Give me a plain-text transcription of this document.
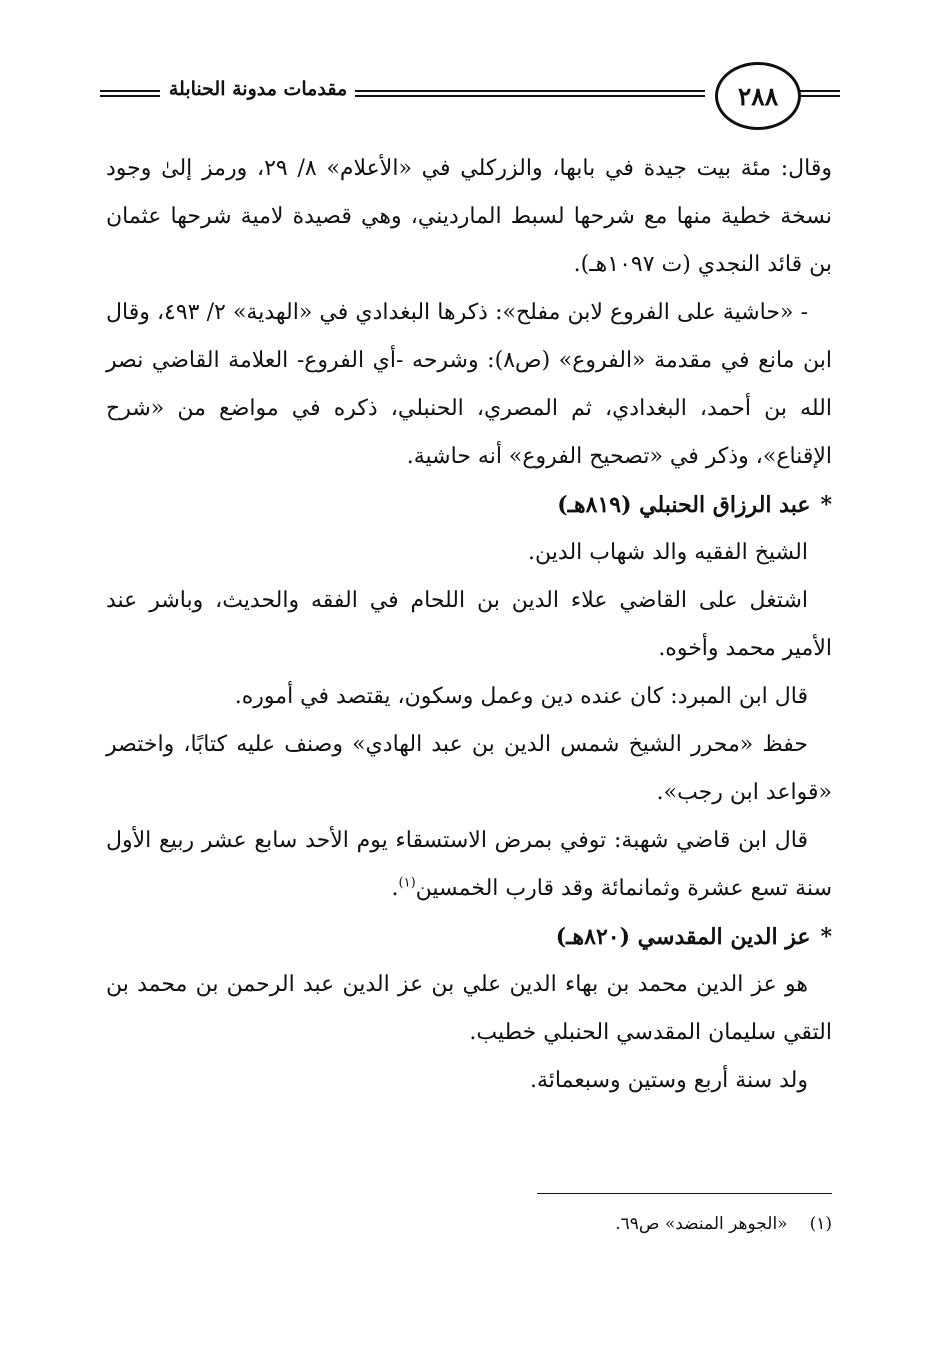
مقدمات مدونة الحنابلة	٢٨٨

وقال: مئة بيت جيدة في بابها، والزركلي في «الأعلام» ٨/ ٢٩، ورمز إلىٰ وجود نسخة خطية منها مع شرحها لسبط المارديني، وهي قصيدة لامية شرحها عثمان بن قائد النجدي (ت ١٠٩٧هـ).

- «حاشية على الفروع لابن مفلح»: ذكرها البغدادي في «الهدية» ٢/ ٤٩٣، وقال ابن مانع في مقدمة «الفروع» (ص٨): وشرحه -أي الفروع- العلامة القاضي نصر الله بن أحمد، البغدادي، ثم المصري، الحنبلي، ذكره في مواضع من «شرح الإقناع»، وذكر في «تصحيح الفروع» أنه حاشية.

*عبد الرزاق الحنبلي (٨١٩هـ)

الشيخ الفقيه والد شهاب الدين.

اشتغل على القاضي علاء الدين بن اللحام في الفقه والحديث، وباشر عند الأمير محمد وأخوه.

قال ابن المبرد: كان عنده دين وعمل وسكون، يقتصد في أموره.

حفظ «محرر الشيخ شمس الدين بن عبد الهادي» وصنف عليه كتابًا، واختصر «قواعد ابن رجب».

قال ابن قاضي شهبة: توفي بمرض الاستسقاء يوم الأحد سابع عشر ربيع الأول سنة تسع عشرة وثمانمائة وقد قارب الخمسين$^{(١)}$.

*عز الدين المقدسي (٨٢٠هـ)

هو عز الدين محمد بن بهاء الدين علي بن عز الدين عبد الرحمن بن محمد بن التقي سليمان المقدسي الحنبلي خطيب.

ولد سنة أربع وستين وسبعمائة.

(١)«الجوهر المنضد» ص٦٩.
